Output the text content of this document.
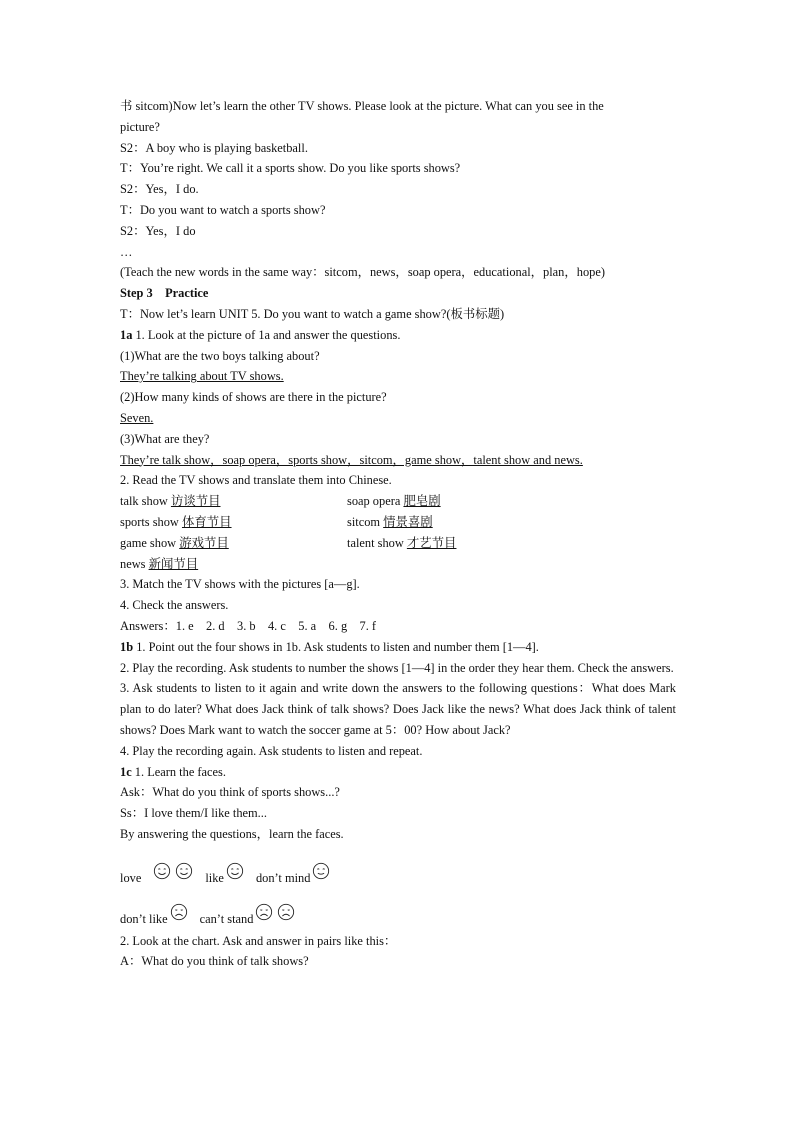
书 sitcom)Now let’s learn the other TV shows. Please look at the picture. What can you see in the

picture?

S2：A boy who is playing basketball.

T：You’re right. We call it a sports show. Do you like sports shows?

S2：Yes，I do.

T：Do you want to watch a sports show?

S2：Yes，I do

…

(Teach the new words in the same way：sitcom，news，soap opera，educational，plan，hope)

Step 3　Practice

T：Now let’s learn UNIT 5. Do you want to watch a game show?(板书标题)

1a 1. Look at the picture of 1a and answer the questions.

(1)What are the two boys talking about?

They’re talking about TV shows.

(2)How many kinds of shows are there in the picture?

Seven.

(3)What are they?

They’re talk show，soap opera，sports show，sitcom，game show，talent show and news.

2. Read the TV shows and translate them into Chinese.

talk show 访谈节目	soap opera 肥皂剧
sports show 体育节目	sitcom 情景喜剧
game show 游戏节目	talent show 才艺节目
news 新闻节目

3. Match the TV shows with the pictures [a—g].

4. Check the answers.

Answers：1. e　2. d　3. b　4. c　5. a　6. g　7. f

1b 1. Point out the four shows in 1b. Ask students to listen and number them [1—4].

2. Play the recording. Ask students to number the shows [1—4] in the order they hear them. Check the answers.

3. Ask students to listen to it again and write down the answers to the following questions：What does Mark plan to do later? What does Jack think of talk shows? Does Jack like the news? What does Jack think of talent shows? Does Mark want to watch the soccer game at 5：00? How about Jack?

4. Play the recording again. Ask students to listen and repeat.

1c 1. Learn the faces.

Ask：What do you think of sports shows...?

Ss：I love them/I like them...

By answering the questions，learn the faces.

love	like	don’t mind
don’t like	can’t stand

2. Look at the chart. Ask and answer in pairs like this：

A：What do you think of talk shows?
